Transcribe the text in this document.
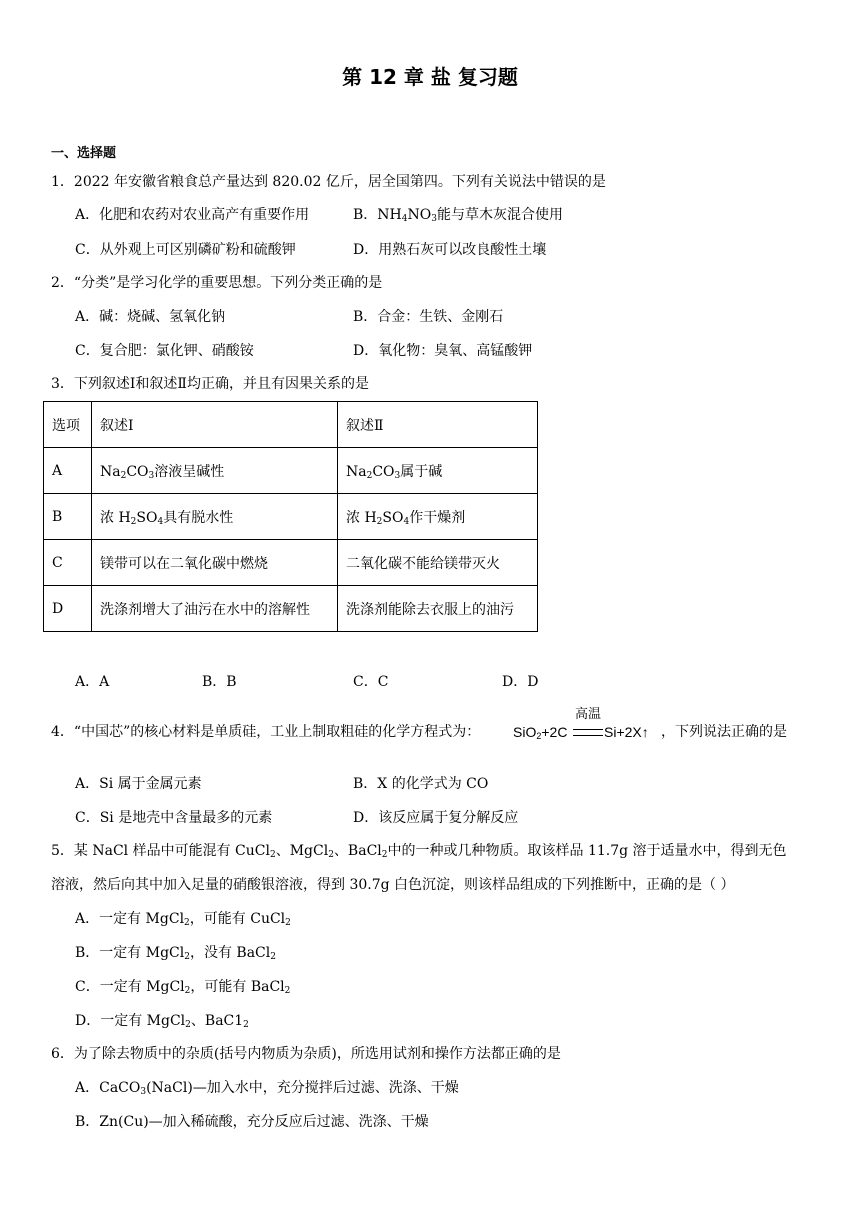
第 12 章 盐 复习题
一、选择题
1．2022 年安徽省粮食总产量达到 820.02 亿斤，居全国第四。下列有关说法中错误的是
A．化肥和农药对农业高产有重要作用	B．$NH_4NO_3$能与草木灰混合使用
C．从外观上可区别磷矿粉和硫酸钾	D．用熟石灰可以改良酸性土壤
2．“分类”是学习化学的重要思想。下列分类正确的是
A．碱：烧碱、氢氧化钠	B．合金：生铁、金刚石
C．复合肥：氯化钾、硝酸铵	D．氧化物：臭氧、高锰酸钾
3．下列叙述Ⅰ和叙述Ⅱ均正确，并且有因果关系的是
选项	叙述Ⅰ	叙述Ⅱ
A	$Na_2CO_3$溶液呈碱性	$Na_2CO_3$属于碱
B	浓 $H_2SO_4$具有脱水性	浓 $H_2SO_4$作干燥剂
C	镁带可以在二氧化碳中燃烧	二氧化碳不能给镁带灭火
D	洗涤剂增大了油污在水中的溶解性	洗涤剂能除去衣服上的油污
A．A	B．B	C．C	D．D
4．“中国芯”的核心材料是单质硅，工业上制取粗硅的化学方程式为： SiO$_2$+2C
高温
Si+2X↑ ，下列说法正确的是
A．Si 属于金属元素	B．X 的化学式为 CO
C．Si 是地壳中含量最多的元素	D．该反应属于复分解反应
5．某 NaCl 样品中可能混有 CuCl$_2$、MgCl$_2$、BaCl$_2$中的一种或几种物质。取该样品 11.7g 溶于适量水中，得到无色
溶液，然后向其中加入足量的硝酸银溶液，得到 30.7g 白色沉淀，则该样品组成的下列推断中，正确的是（ ）
A．一定有 MgCl$_2$，可能有 CuCl$_2$
B．一定有 MgCl$_2$，没有 BaCl$_2$
C．一定有 MgCl$_2$，可能有 BaCl$_2$
D．一定有 MgCl$_2$、$BaC1_2$
6．为了除去物质中的杂质(括号内物质为杂质)，所选用试剂和操作方法都正确的是
A．CaCO$_3$(NaCl)—加入水中，充分搅拌后过滤、洗涤、干燥
B．Zn(Cu)—加入稀硫酸，充分反应后过滤、洗涤、干燥
